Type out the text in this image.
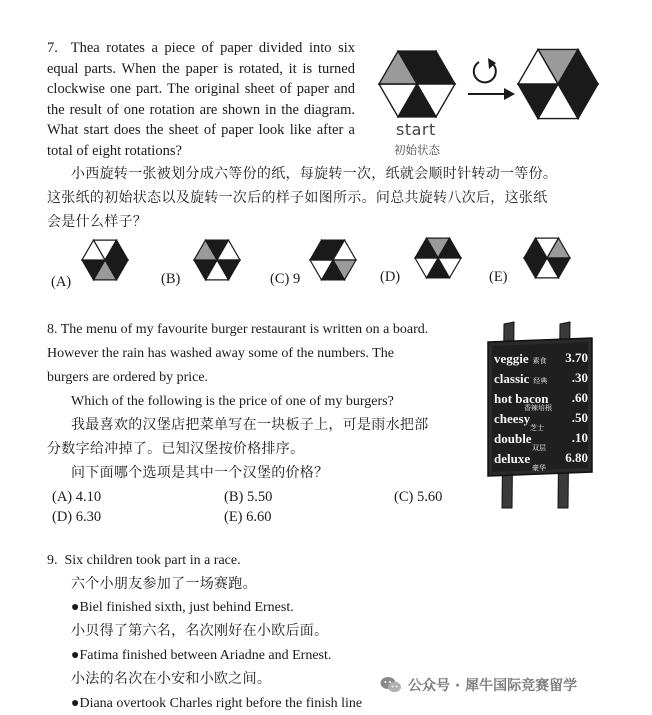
7. Thea rotates a piece of paper divided into six equal parts. When the paper is rotated, it is turned clockwise one part. The original sheet of paper and the result of one rotation are shown in the diagram. What start does the sheet of paper look like after a total of eight rotations?
start
初始状态
小西旋转一张被划分成六等份的纸，每旋转一次，纸就会顺时针转动一等份。
这张纸的初始状态以及旋转一次后的样子如图所示。问总共旋转八次后，这张纸
会是什么样子？
(A)	(B)	(C) 9	(D)	(E)
8. The menu of my favourite burger restaurant is written on a board.
However the rain has washed away some of the numbers. The
burgers are ordered by price.
Which of the following is the price of one of my burgers?
我最喜欢的汉堡店把菜单写在一块板子上，可是雨水把部
分数字给冲掉了。已知汉堡按价格排序。
问下面哪个选项是其中一个汉堡的价格？
(A) 4.10	(B) 5.50	(C) 5.60
(D) 6.30	(E) 6.60
veggie 素食 3.70
classic 经典 .30
hot bacon .60
香辣培根
cheesy	.50
芝士
double	.10
双层
deluxe	6.80
豪华
9. Six children took part in a race.
六个小朋友参加了一场赛跑。
●Biel finished sixth, just behind Ernest.
小贝得了第六名，名次刚好在小欧后面。
●Fatima finished between Ariadne and Ernest.
小法的名次在小安和小欧之间。
●Diana overtook Charles right before the finish line
公众号 · 犀牛国际竞赛留学
